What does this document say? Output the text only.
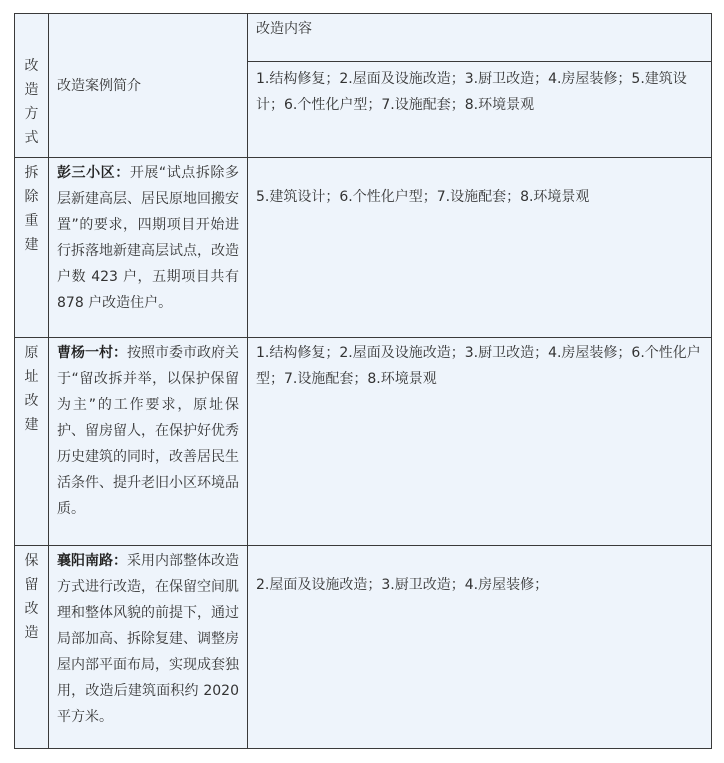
改造方式	改造案例简介	改造内容
		1.结构修复；2.屋面及设施改造；3.厨卫改造；4.房屋装修；5.建筑设计；6.个性化户型；7.设施配套；8.环境景观

拆除重建	彭三小区：开展“试点拆除多层新建高层、居民原地回搬安置”的要求，四期项目开始进行拆落地新建高层试点，改造户数 423 户，五期项目共有 878 户改造住户。	5.建筑设计；6.个性化户型；7.设施配套；8.环境景观

原址改建	曹杨一村：按照市委市政府关于“留改拆并举，以保护保留为主”的工作要求，原址保护、留房留人，在保护好优秀历史建筑的同时，改善居民生活条件、提升老旧小区环境品质。	1.结构修复；2.屋面及设施改造；3.厨卫改造；4.房屋装修；6.个性化户型；7.设施配套；8.环境景观

保留改造	襄阳南路：采用内部整体改造方式进行改造，在保留空间肌理和整体风貌的前提下，通过局部加高、拆除复建、调整房屋内部平面布局，实现成套独用，改造后建筑面积约 2020平方米。	2.屋面及设施改造；3.厨卫改造；4.房屋装修；
